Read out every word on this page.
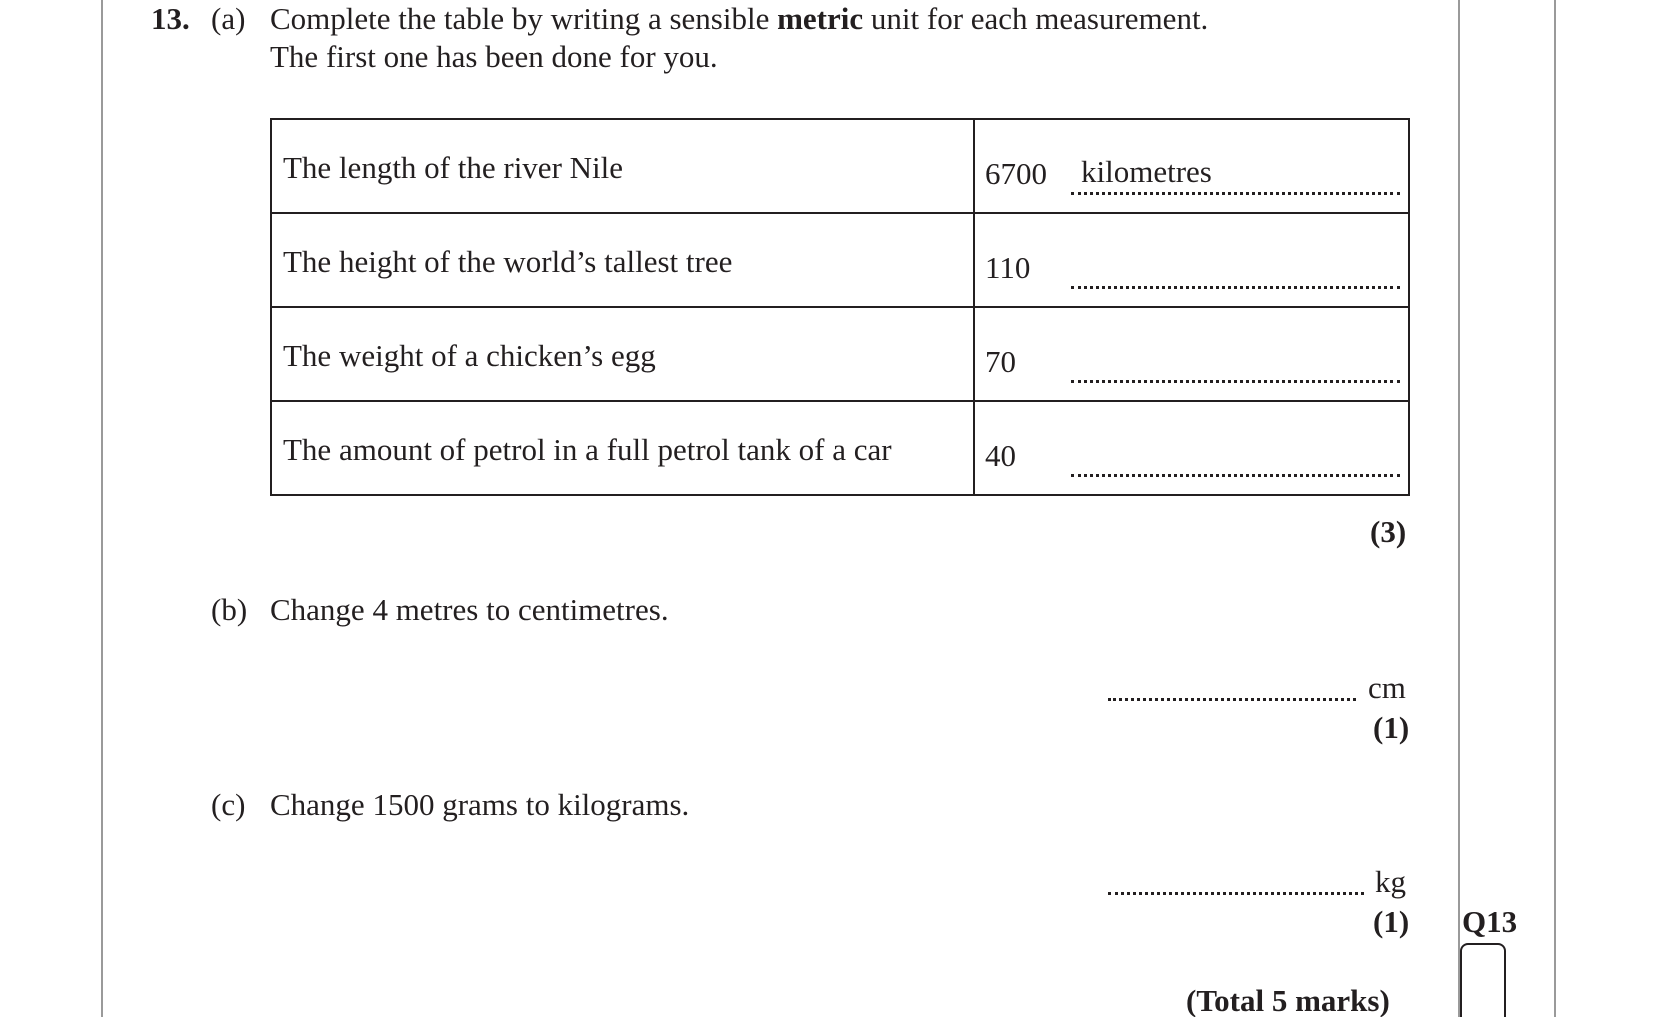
13. (a) Complete the table by writing a sensible metric unit for each measurement.
The first one has been done for you.
The length of the river Nile	6700 kilometres

The height of the world’s tallest tree	110

The weight of a chicken’s egg	70

The amount of petrol in a full petrol tank of a car	40
(3)
(b) Change 4 metres to centimetres.
cm
(1)
(c) Change 1500 grams to kilograms.
kg
(1) Q13
(Total 5 marks)
